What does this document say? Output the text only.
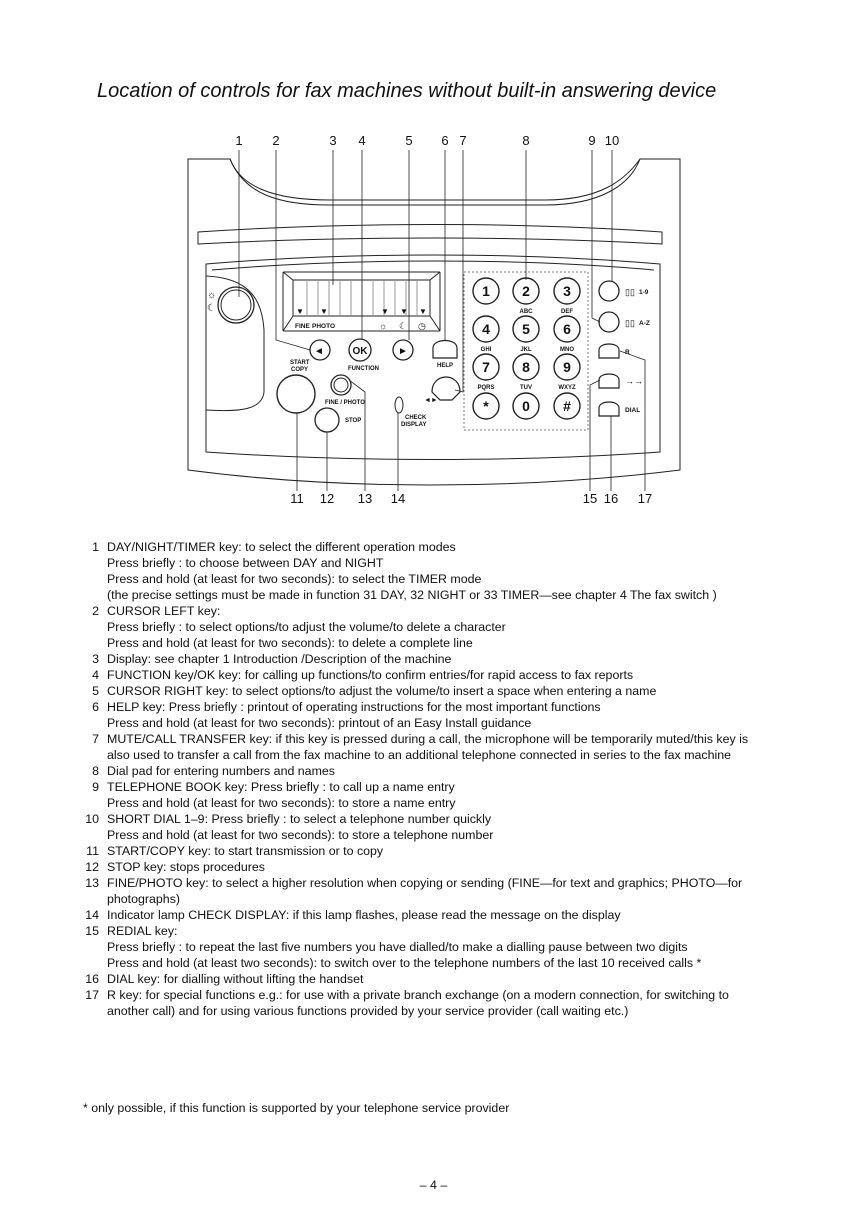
Location of controls for fax machines without built-in answering device
1 2	3 4	5 6 7	8	9 10
11 12 13 14	15 16 17
☼
☾	▼ ▼	▼ ▼ ▼
FINE PHOTO	☼ ☾ ◷
◄	OK	►
START
COPY	FUNCTION	HELP
FINE / PHOTO
STOP	CHECK
DISPLAY
◄►
1 2
ABC
3
DEF
4
GHI
5
JKL
6
MNO
7
PQRS
8
TUV
9
WXYZ
* 0 #
▯▯ 1-9
▯▯ A-Z
R
→→
DIAL
1 DAY/NIGHT/TIMER key: to select the different operation modes
Press briefly : to choose between DAY and NIGHT
Press and hold (at least for two seconds): to select the TIMER mode
(the precise settings must be made in function 31 DAY, 32 NIGHT or 33 TIMER—see chapter 4 The fax switch )
2 CURSOR LEFT key:
Press briefly : to select options/to adjust the volume/to delete a character
Press and hold (at least for two seconds): to delete a complete line
3 Display: see chapter 1 Introduction /Description of the machine
4 FUNCTION key/OK key: for calling up functions/to confirm entries/for rapid access to fax reports
5 CURSOR RIGHT key: to select options/to adjust the volume/to insert a space when entering a name
6 HELP key: Press briefly : printout of operating instructions for the most important functions
Press and hold (at least for two seconds): printout of an Easy Install guidance
7 MUTE/CALL TRANSFER key: if this key is pressed during a call, the microphone will be temporarily muted/this key is
also used to transfer a call from the fax machine to an additional telephone connected in series to the fax machine
8 Dial pad for entering numbers and names
9 TELEPHONE BOOK key: Press briefly : to call up a name entry
Press and hold (at least for two seconds): to store a name entry
10 SHORT DIAL 1–9: Press briefly : to select a telephone number quickly
Press and hold (at least for two seconds): to store a telephone number
11 START/COPY key: to start transmission or to copy
12 STOP key: stops procedures
13 FINE/PHOTO key: to select a higher resolution when copying or sending (FINE—for text and graphics; PHOTO—for
photographs)
14 Indicator lamp CHECK DISPLAY: if this lamp flashes, please read the message on the display
15 REDIAL key:
Press briefly : to repeat the last five numbers you have dialled/to make a dialling pause between two digits
Press and hold (at least two seconds): to switch over to the telephone numbers of the last 10 received calls *
16 DIAL key: for dialling without lifting the handset
17 R key: for special functions e.g.: for use with a private branch exchange (on a modern connection, for switching to
another call) and for using various functions provided by your service provider (call waiting etc.)
* only possible, if this function is supported by your telephone service provider
– 4 –
